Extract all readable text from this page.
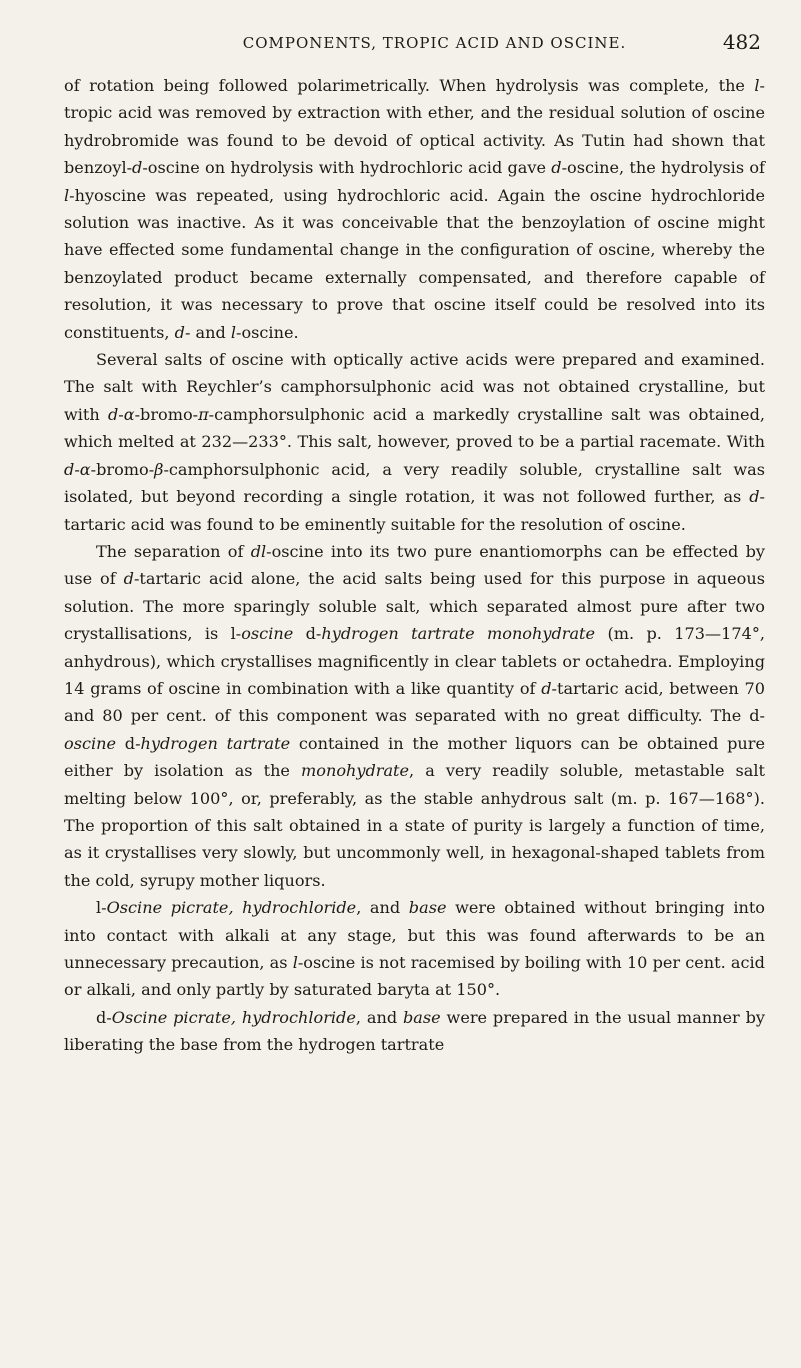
COMPONENTS, TROPIC ACID AND OSCINE.	482

of rotation being followed polarimetrically. When hydrolysis was complete, the l-tropic acid was removed by extraction with ether, and the residual solution of oscine hydrobromide was found to be devoid of optical activity. As Tutin had shown that benzoyl-d-oscine on hydrolysis with hydrochloric acid gave d-oscine, the hydrolysis of l-hyoscine was repeated, using hydrochloric acid. Again the oscine hydrochloride solution was inactive. As it was conceivable that the benzoylation of oscine might have effected some fundamental change in the configuration of oscine, whereby the benzoylated product became externally compensated, and therefore capable of resolution, it was necessary to prove that oscine itself could be resolved into its constituents, d- and l-oscine.

Several salts of oscine with optically active acids were prepared and examined. The salt with Reychler’s camphorsulphonic acid was not obtained crystalline, but with d-α-bromo-π-camphorsulphonic acid a markedly crystalline salt was obtained, which melted at 232—233°. This salt, however, proved to be a partial racemate. With d-α-bromo-β-camphorsulphonic acid, a very readily soluble, crystalline salt was isolated, but beyond recording a single rotation, it was not followed further, as d-tartaric acid was found to be eminently suitable for the resolution of oscine.

The separation of dl-oscine into its two pure enantiomorphs can be effected by use of d-tartaric acid alone, the acid salts being used for this purpose in aqueous solution. The more sparingly soluble salt, which separated almost pure after two crystallisations, is l-oscine d-hydrogen tartrate monohydrate (m. p. 173—174°, anhydrous), which crystallises magnificently in clear tablets or octahedra. Employing 14 grams of oscine in combination with a like quantity of d-tartaric acid, between 70 and 80 per cent. of this component was separated with no great difficulty. The d-oscine d-hydrogen tartrate contained in the mother liquors can be obtained pure either by isolation as the monohydrate, a very readily soluble, metastable salt melting below 100°, or, preferably, as the stable anhydrous salt (m. p. 167—168°). The proportion of this salt obtained in a state of purity is largely a function of time, as it crystallises very slowly, but uncommonly well, in hexagonal-shaped tablets from the cold, syrupy mother liquors.

l-Oscine picrate, hydrochloride, and base were obtained without bringing into into contact with alkali at any stage, but this was found afterwards to be an unnecessary precaution, as l-oscine is not racemised by boiling with 10 per cent. acid or alkali, and only partly by saturated baryta at 150°.

d-Oscine picrate, hydrochloride, and base were prepared in the usual manner by liberating the base from the hydrogen tartrate
